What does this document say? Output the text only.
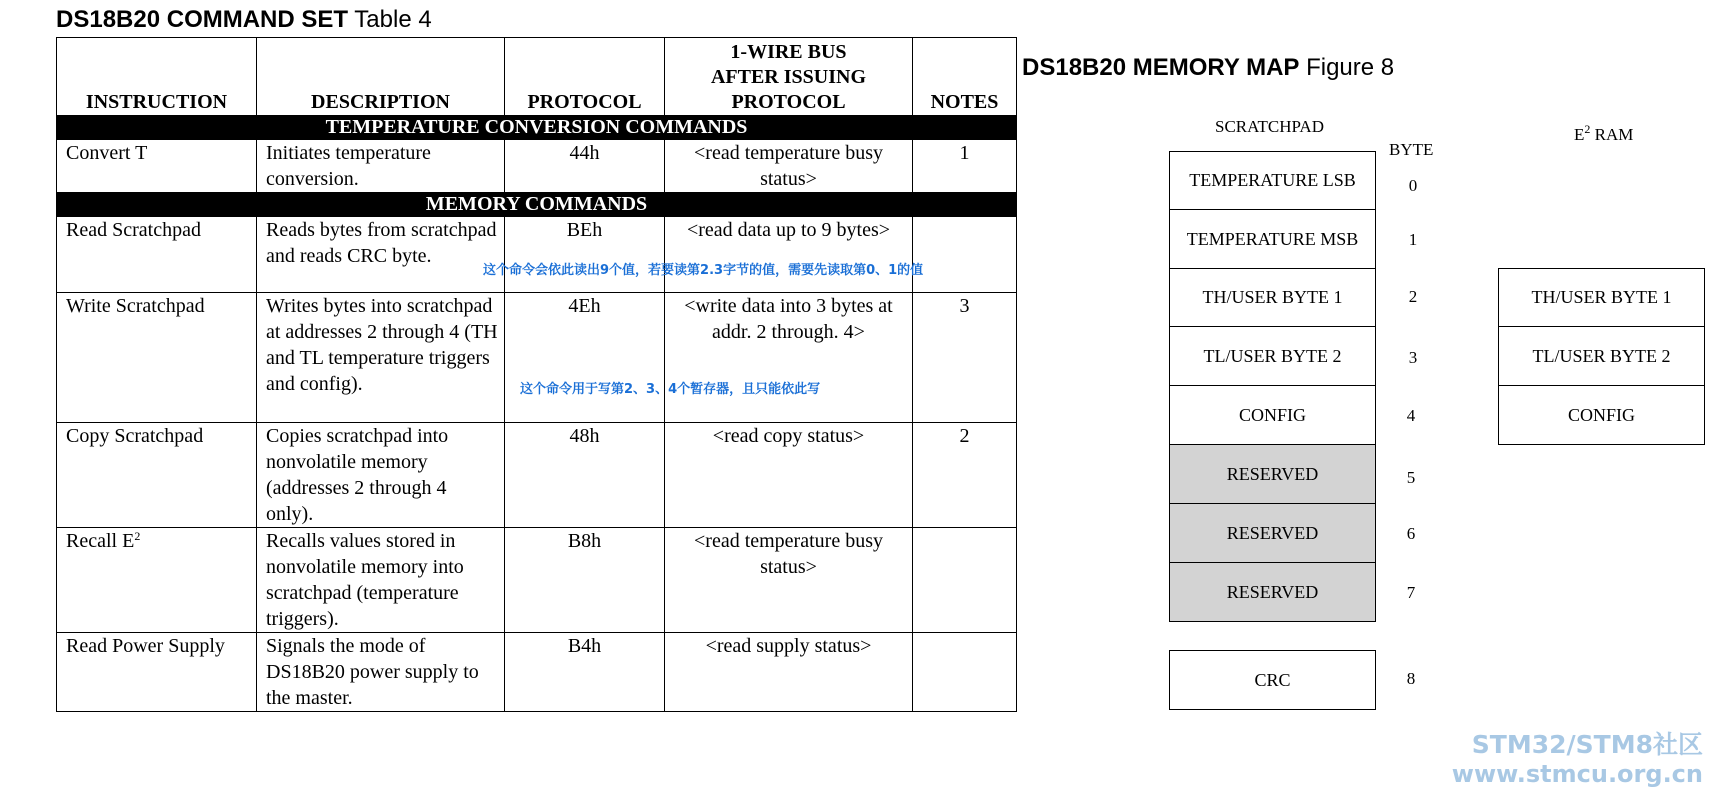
DS18B20 COMMAND SET Table 4
INSTRUCTION	DESCRIPTION	PROTOCOL	1-WIRE BUS
AFTER ISSUING
PROTOCOL	NOTES
TEMPERATURE CONVERSION COMMANDS				
Convert T	Initiates temperature conversion.	44h	<read temperature busy status>	1
MEMORY COMMANDS				
Read Scratchpad	Reads bytes from scratchpad and reads CRC byte.	BEh	<read data up to 9 bytes>	
Write Scratchpad	Writes bytes into scratchpad at addresses 2 through 4 (TH and TL temperature triggers and config).	4Eh	<write data into 3 bytes at addr. 2 through. 4>	3
Copy Scratchpad	Copies scratchpad into nonvolatile memory (addresses 2 through 4 only).	48h	<read copy status>	2
Recall $E^2$	Recalls values stored in nonvolatile memory into scratchpad (temperature triggers).	B8h	<read temperature busy status>	
Read Power Supply	Signals the mode of DS18B20 power supply to the master.	B4h	<read supply status>	
这个命令会依此读出9个值，若要读第2.3字节的值，需要先读取第0、1的值
这个命令用于写第2、3、4个暂存器，且只能依此写
DS18B20 MEMORY MAP Figure 8
SCRATCHPAD
BYTE
$E^2$ RAM
TEMPERATURE LSB
TEMPERATURE MSB
TH/USER BYTE 1
TL/USER BYTE 2
CONFIG
RESERVED
RESERVED
RESERVED
CRC
0
1
2
3
4
5
6
7
8
TH/USER BYTE 1
TL/USER BYTE 2
CONFIG
STM32/STM8社区
www.stmcu.org.cn
